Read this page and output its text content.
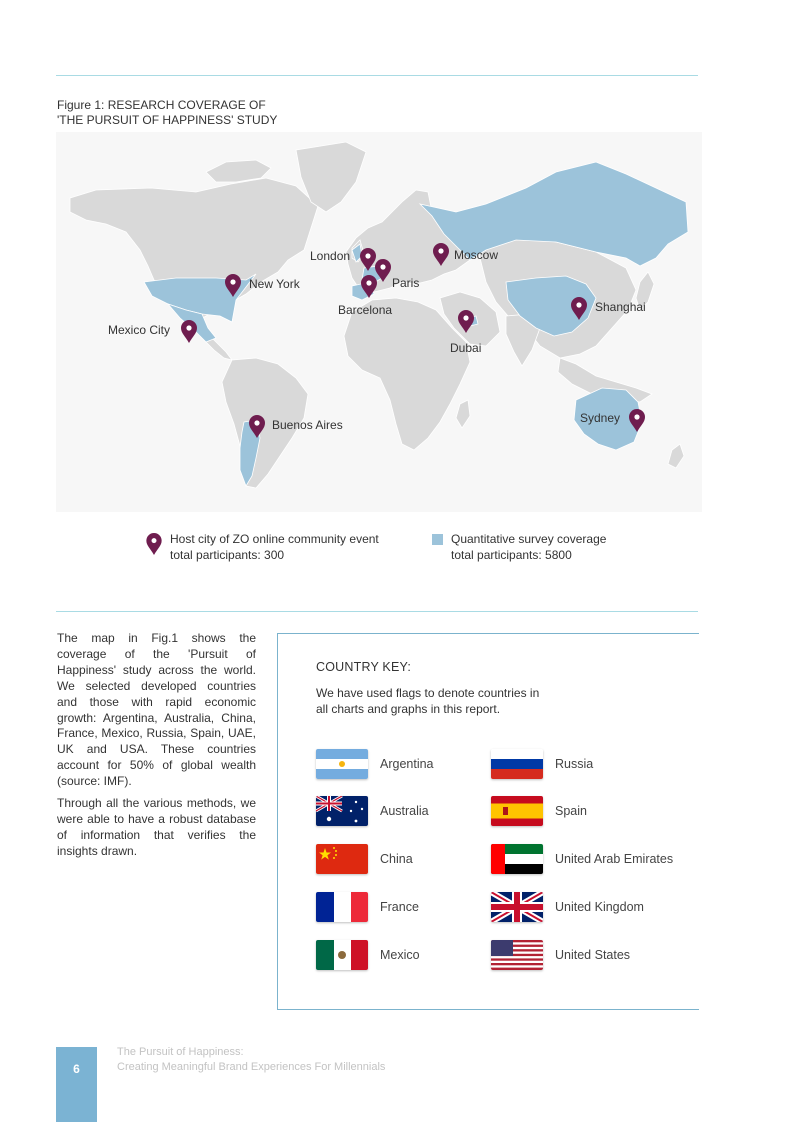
Figure 1: RESEARCH COVERAGE OF
'THE PURSUIT OF HAPPINESS' STUDY
New York
Mexico City
Buenos Aires
London
Paris
Barcelona
Moscow
Dubai
Shanghai
Sydney
Host city of ZO online community event
total participants: 300
Quantitative survey coverage
total participants: 5800

The map in Fig.1 shows the coverage of the 'Pursuit of Happiness' study across the world. We selected developed countries and those with rapid economic growth: Argentina, Australia, China, France, Mexico, Russia, Spain, UAE, UK and USA. These countries account for 50% of global wealth (source: IMF).

Through all the various methods, we were able to have a robust database of information that verifies the insights drawn.

COUNTRY KEY:
We have used flags to denote countries in
all charts and graphs in this report.
Argentina
Australia
China
France
Mexico
Russia
Spain
United Arab Emirates
United Kingdom
United States
6
The Pursuit of Happiness:
Creating Meaningful Brand Experiences For Millennials
